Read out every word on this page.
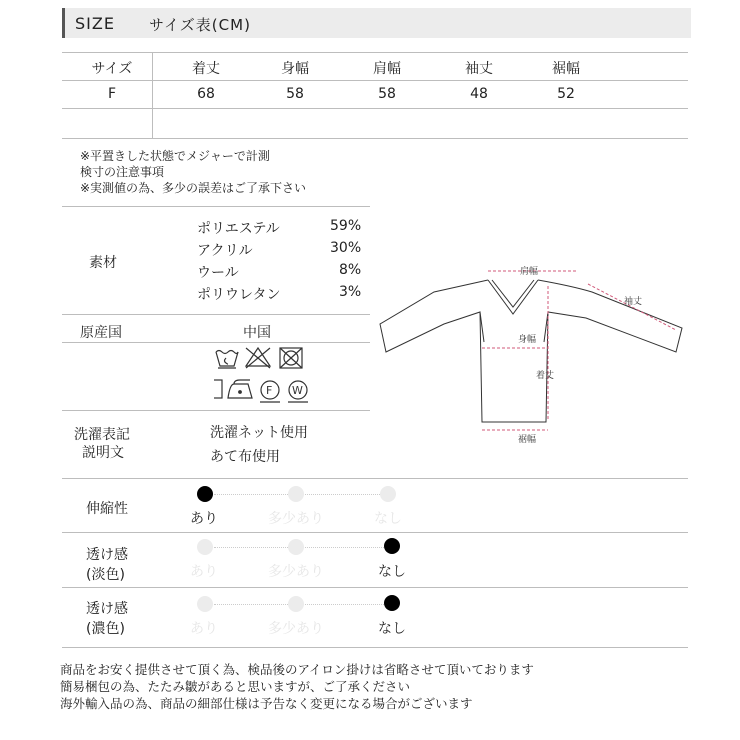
SIZE サイズ表(CM)
サイズ	着丈	身幅	肩幅	袖丈	裾幅
F	68	58	58	48	52
※平置きした状態でメジャーで計測
検寸の注意事項
※実測値の為、多少の誤差はご了承下さい
素材
ポリエステル	59%
アクリル	30%
ウール	8%
ポリウレタン	3%
原産国	中国
F W
洗濯表記
説明文
洗濯ネット使用
あて布使用
肩幅
袖丈
身幅
着丈
裾幅
伸縮性
あり	多少あり	なし
透け感
(淡色)	あり	多少あり	なし
透け感
(濃色)	あり	多少あり	なし
商品をお安く提供させて頂く為、検品後のアイロン掛けは省略させて頂いております
簡易梱包の為、たたみ皺があると思いますが、ご了承ください
海外輸入品の為、商品の細部仕様は予告なく変更になる場合がございます
